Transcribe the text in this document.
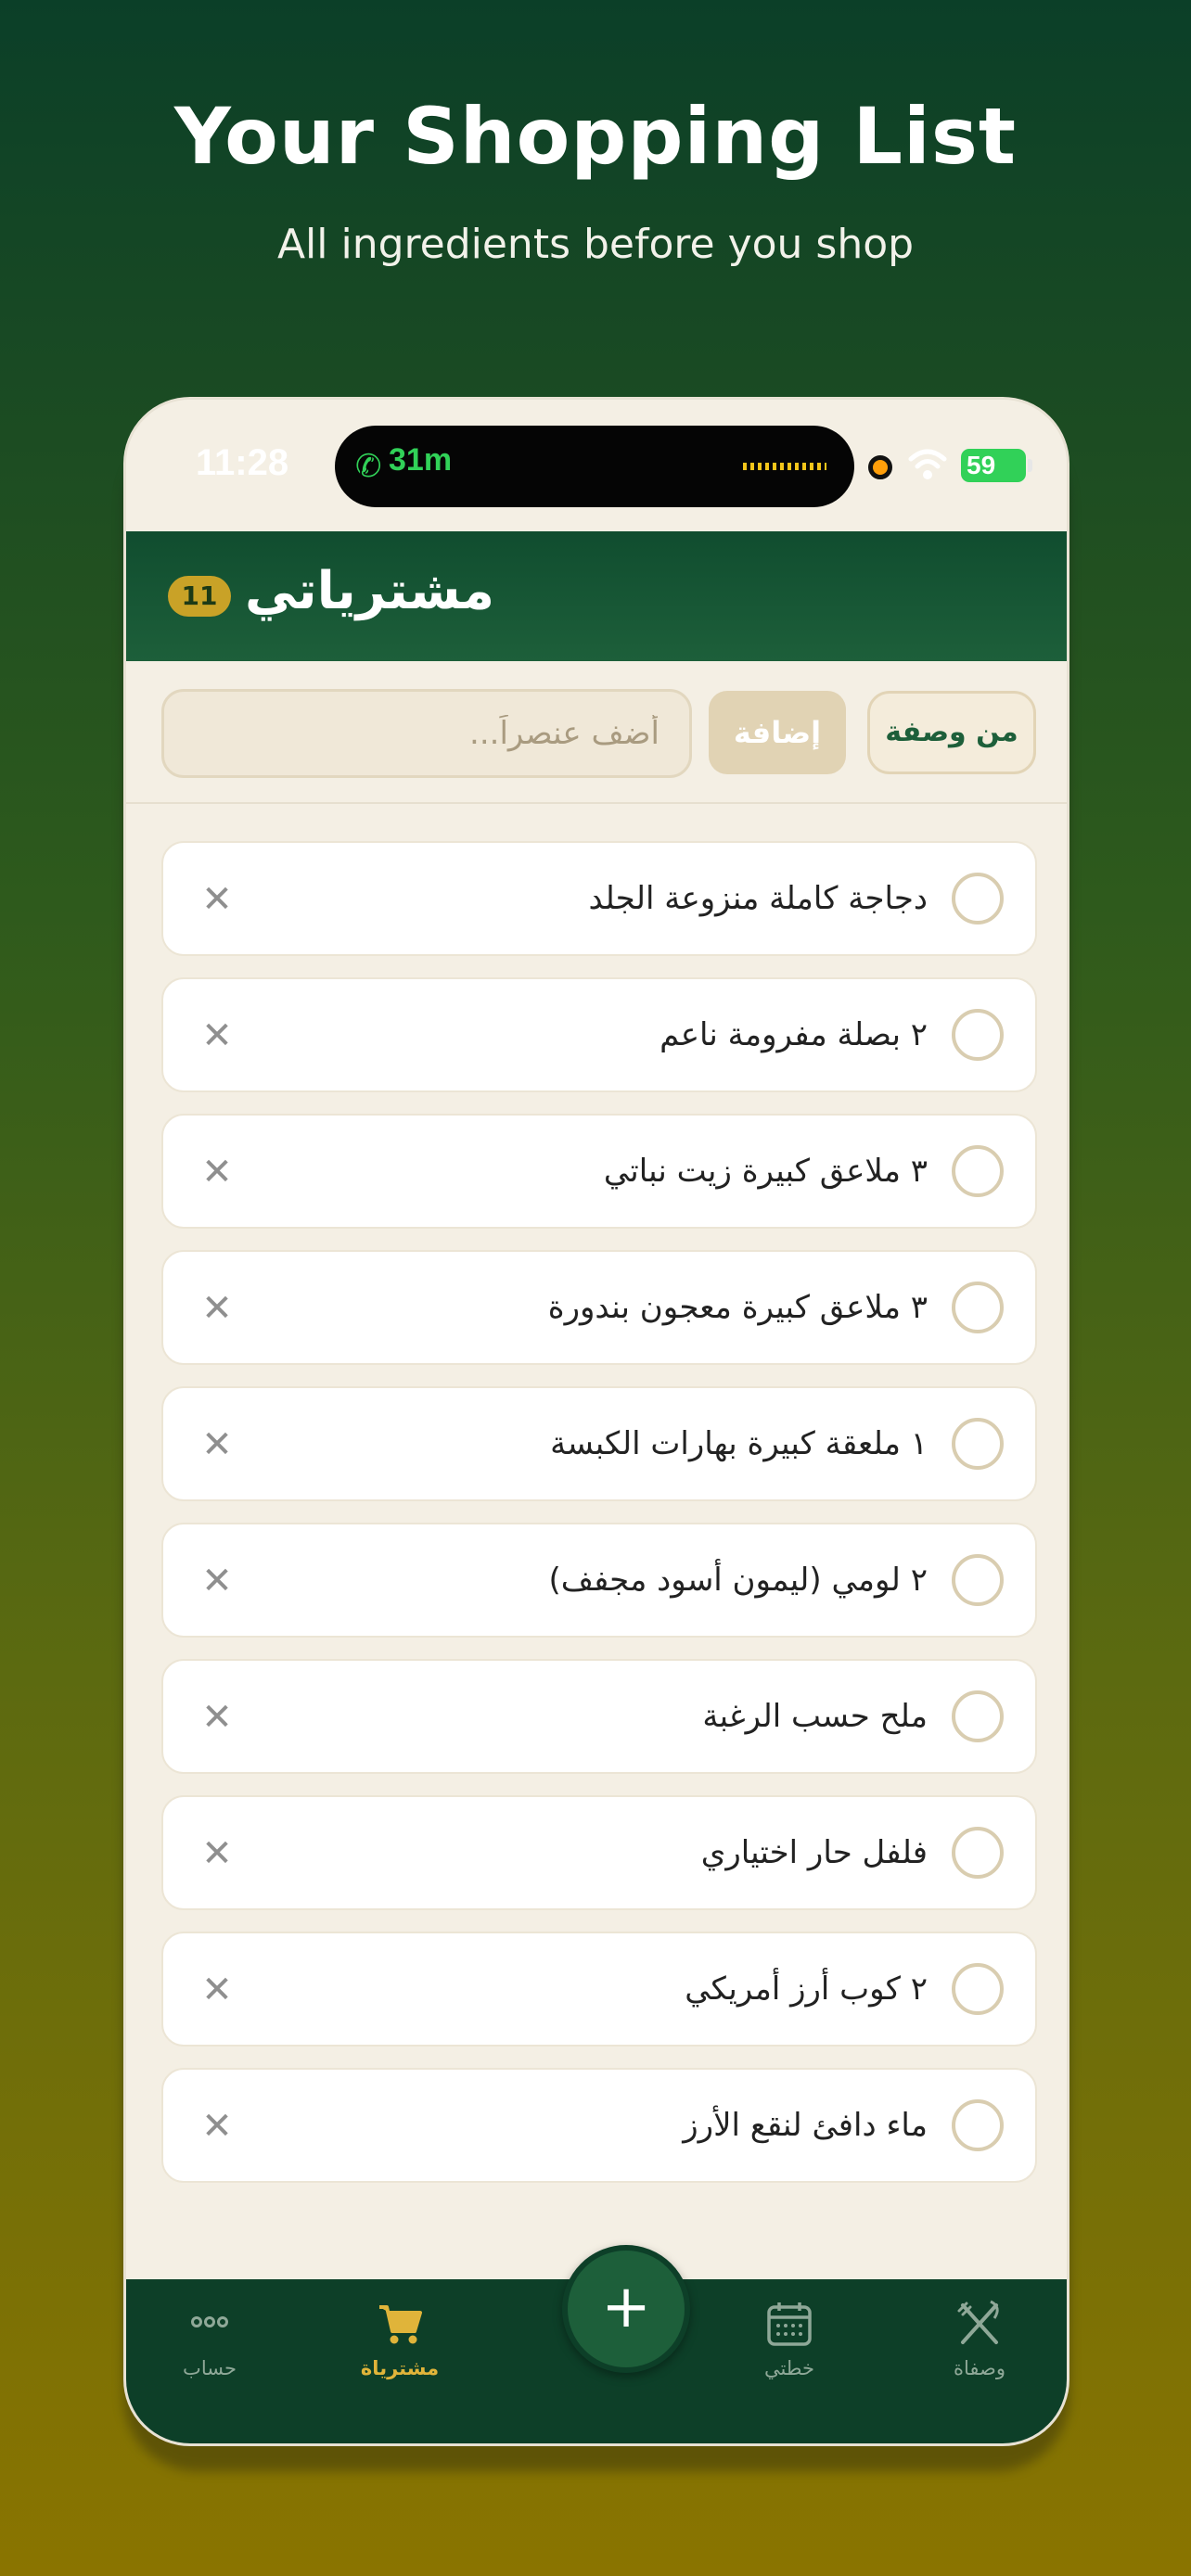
Your Shopping List
All ingredients before you shop
11:28 ✆ 31m	59
11 مشترياتي
أضف عنصراً...
إضافة	من وصفة
✕	دجاجة كاملة منزوعة الجلد
✕	٢ بصلة مفرومة ناعم
✕	٣ ملاعق كبيرة زيت نباتي
✕	٣ ملاعق كبيرة معجون بندورة
✕	١ ملعقة كبيرة بهارات الكبسة
✕	٢ لومي (ليمون أسود مجفف)
✕	ملح حسب الرغبة
✕	فلفل حار اختياري
✕	٢ كوب أرز أمريكي
✕	ماء دافئ لنقع الأرز
حساب	مشترياة	خطتي	وصفاة
+
